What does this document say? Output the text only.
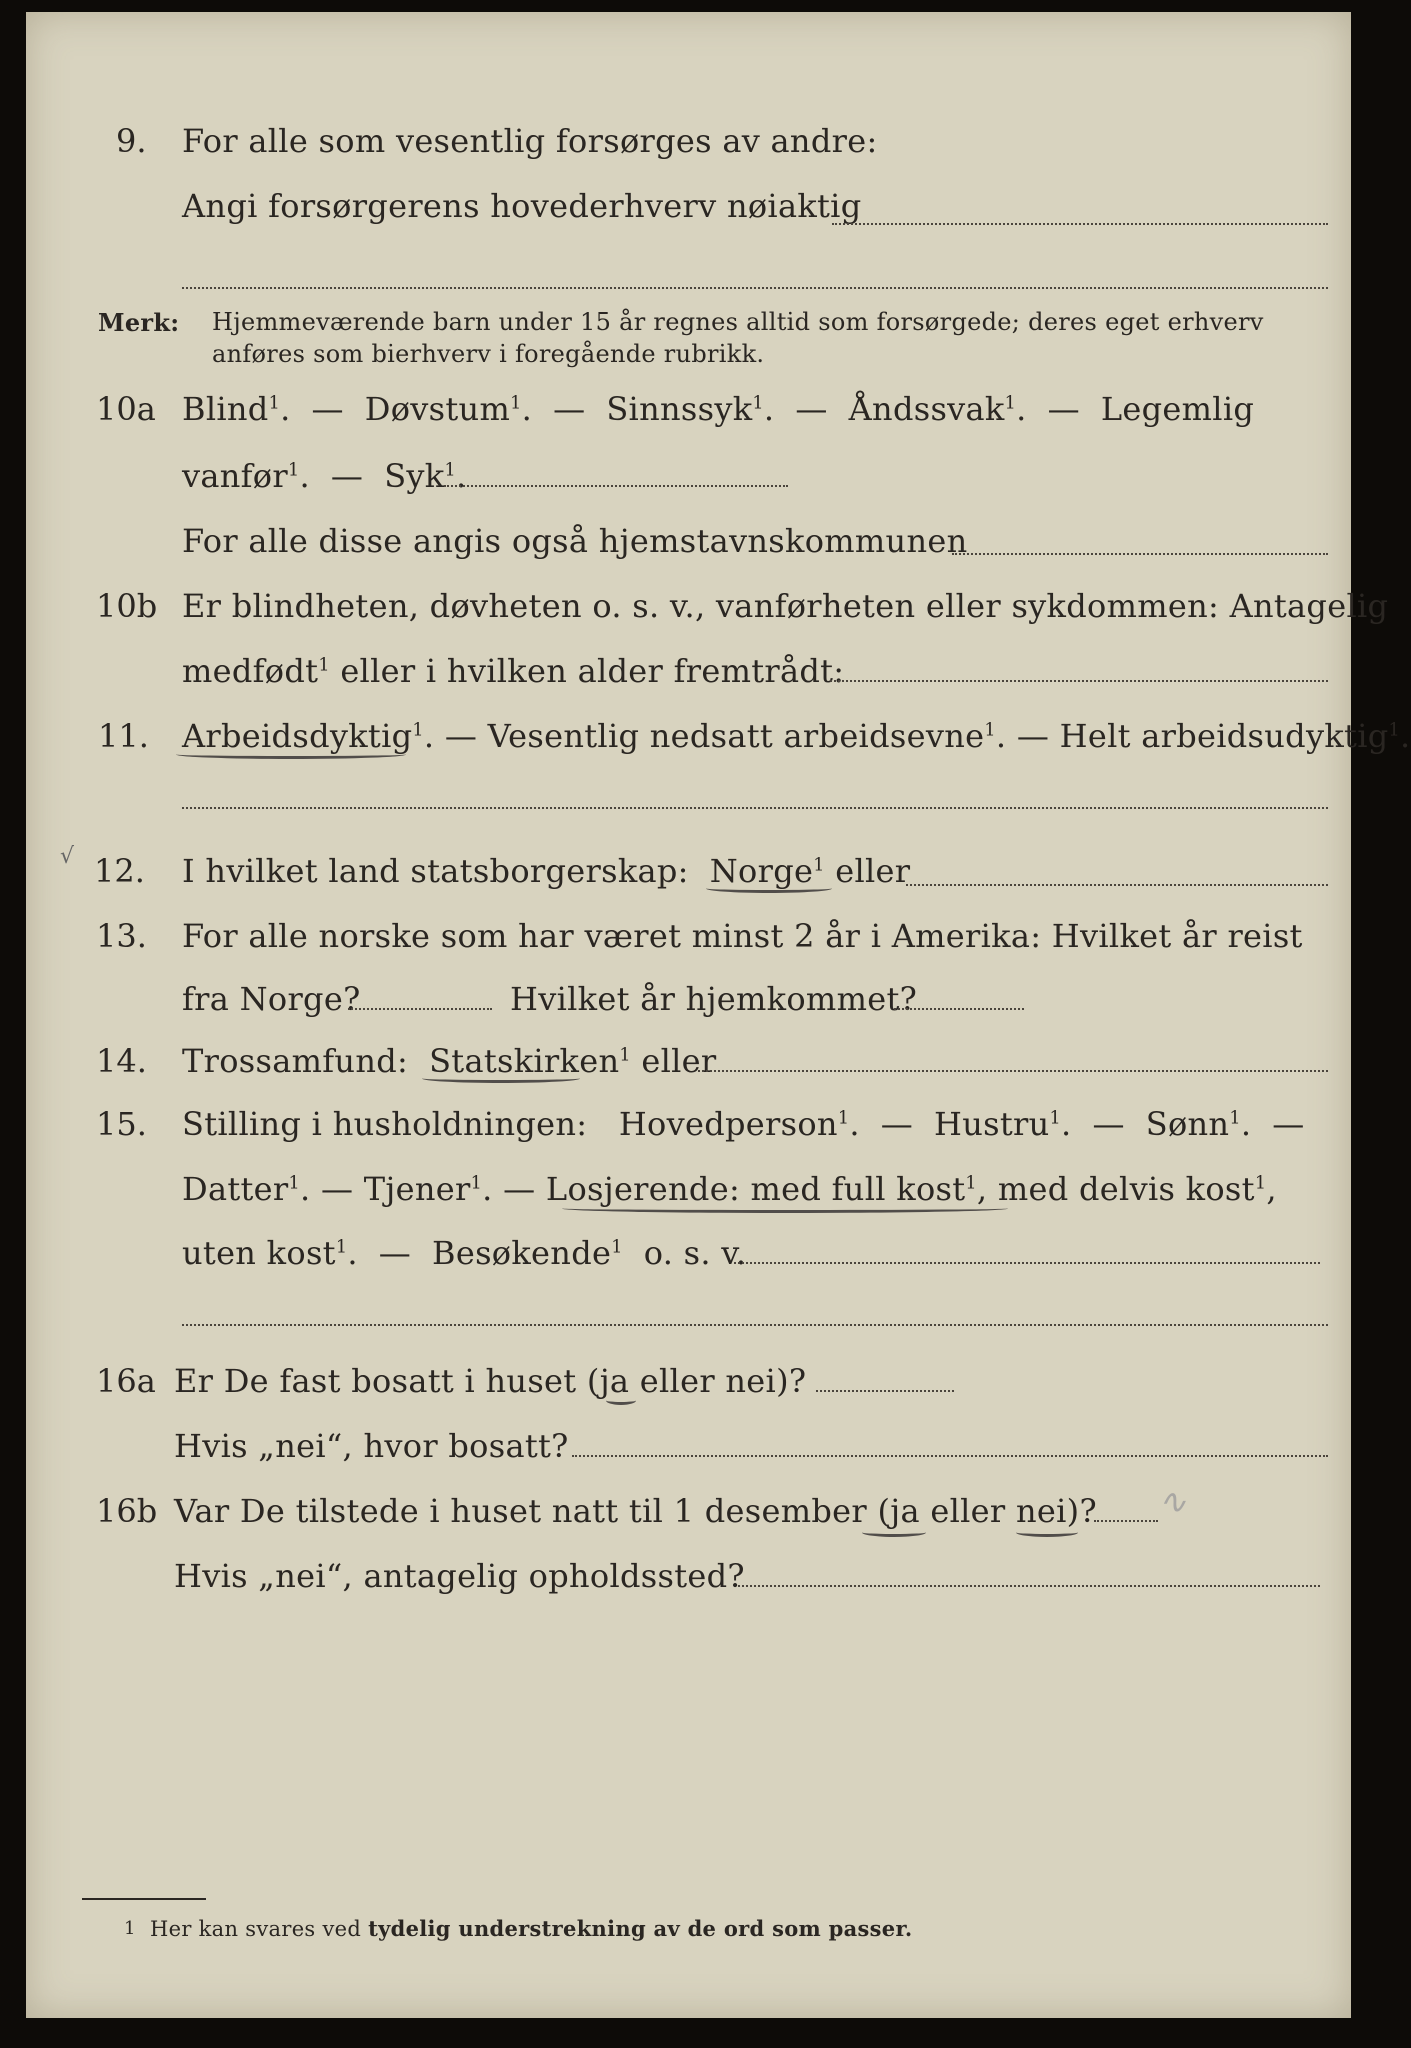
9. For alle som vesentlig forsørges av andre:
Angi forsørgerens hovederhverv nøiaktig
Merk: Hjemmeværende barn under 15 år regnes alltid som forsørgede; deres eget erhverv
anføres som bierhverv i foregående rubrikk.
10a Blind$^1$. — Døvstum$^1$. — Sinnssyk$^1$. — Åndssvak$^1$. — Legemlig
vanfør$^1$. — Syk$^1$.
For alle disse angis også hjemstavnskommunen
10b Er blindheten, døvheten o. s. v., vanførheten eller sykdommen: Antagelig
medfødt$^1$ eller i hvilken alder fremtrådt:
11. Arbeidsdyktig$^1$. — Vesentlig nedsatt arbeidsevne$^1$. — Helt arbeidsudyktig$^1$.
√ 12. I hvilket land statsborgerskap: Norge$^1$ eller
13. For alle norske som har været minst 2 år i Amerika: Hvilket år reist
fra Norge?	Hvilket år hjemkommet?
14. Trossamfund: Statskirken$^1$ eller
15. Stilling i husholdningen: Hovedperson$^1$. — Hustru$^1$. — Sønn$^1$. —
Datter$^1$. — Tjener$^1$. — Losjerende: med full kost$^1$, med delvis kost$^1$,
uten kost$^1$. — Besøkende$^1$ o. s. v.
16a Er De fast bosatt i huset (ja eller nei)?
Hvis „nei“, hvor bosatt?
16b Var De tilstede i huset natt til 1 desember (ja eller nei)? ∿
Hvis „nei“, antagelig opholdssted?
1 Her kan svares ved tydelig understrekning av de ord som passer.
